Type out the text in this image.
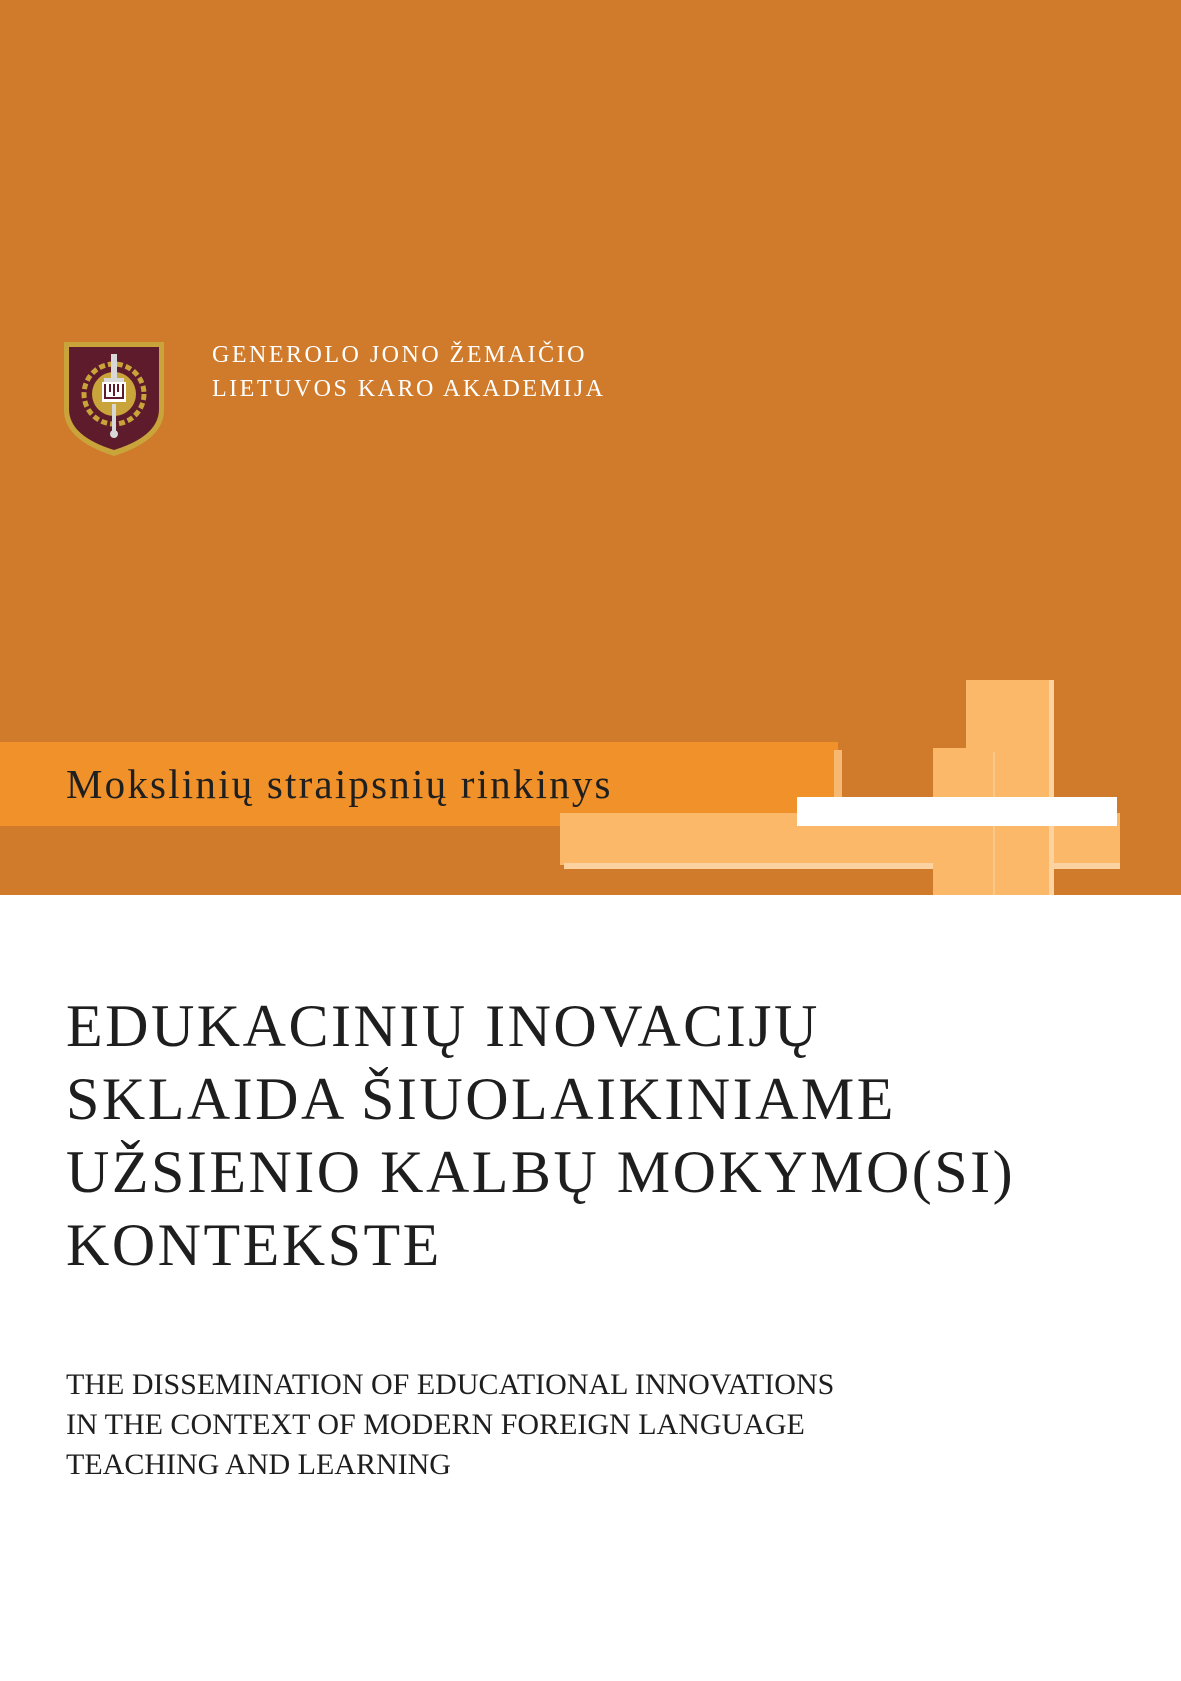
GENEROLO JONO ŽEMAIČIO
LIETUVOS KARO AKADEMIJA
Mokslinių straipsnių rinkinys
EDUKACINIŲ INOVACIJŲ
SKLAIDA ŠIUOLAIKINIAME
UŽSIENIO KALBŲ MOKYMO(SI)
KONTEKSTE
THE DISSEMINATION OF EDUCATIONAL INNOVATIONS
IN THE CONTEXT OF MODERN FOREIGN LANGUAGE
TEACHING AND LEARNING
